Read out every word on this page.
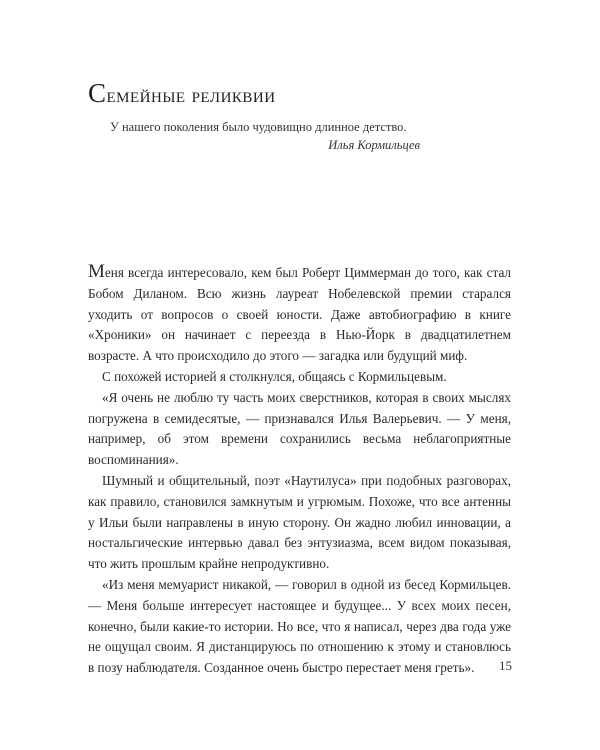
Семейные реликвии

У нашего поколения было чудовищно длинное детство.

Илья Кормильцев

Меня всегда интересовало, кем был Роберт Циммерман до того, как стал Бобом Диланом. Всю жизнь лауреат Нобелевской премии старался уходить от вопросов о своей юности. Даже автобиографию в книге «Хроники» он начинает с переезда в Нью-Йорк в двадцатилетнем возрасте. А что происходило до этого — загадка или будущий миф.

С похожей историей я столкнулся, общаясь с Кормильцевым.

«Я очень не люблю ту часть моих сверстников, которая в своих мыслях погружена в семидесятые, — признавался Илья Валерьевич. — У меня, например, об этом времени сохранились весьма неблагоприятные воспоминания».

Шумный и общительный, поэт «Наутилуса» при подобных разговорах, как правило, становился замкнутым и угрюмым. Похоже, что все антенны у Ильи были направлены в иную сторону. Он жадно любил инновации, а ностальгические интервью давал без энтузиазма, всем видом показывая, что жить прошлым крайне непродуктивно.

«Из меня мемуарист никакой, — говорил в одной из бесед Кормильцев. — Меня больше интересует настоящее и будущее... У всех моих песен, конечно, были какие-то истории. Но все, что я написал, через два года уже не ощущал своим. Я дистанцируюсь по отношению к этому и становлюсь в позу наблюдателя. Созданное очень быстро перестает меня греть».	15
